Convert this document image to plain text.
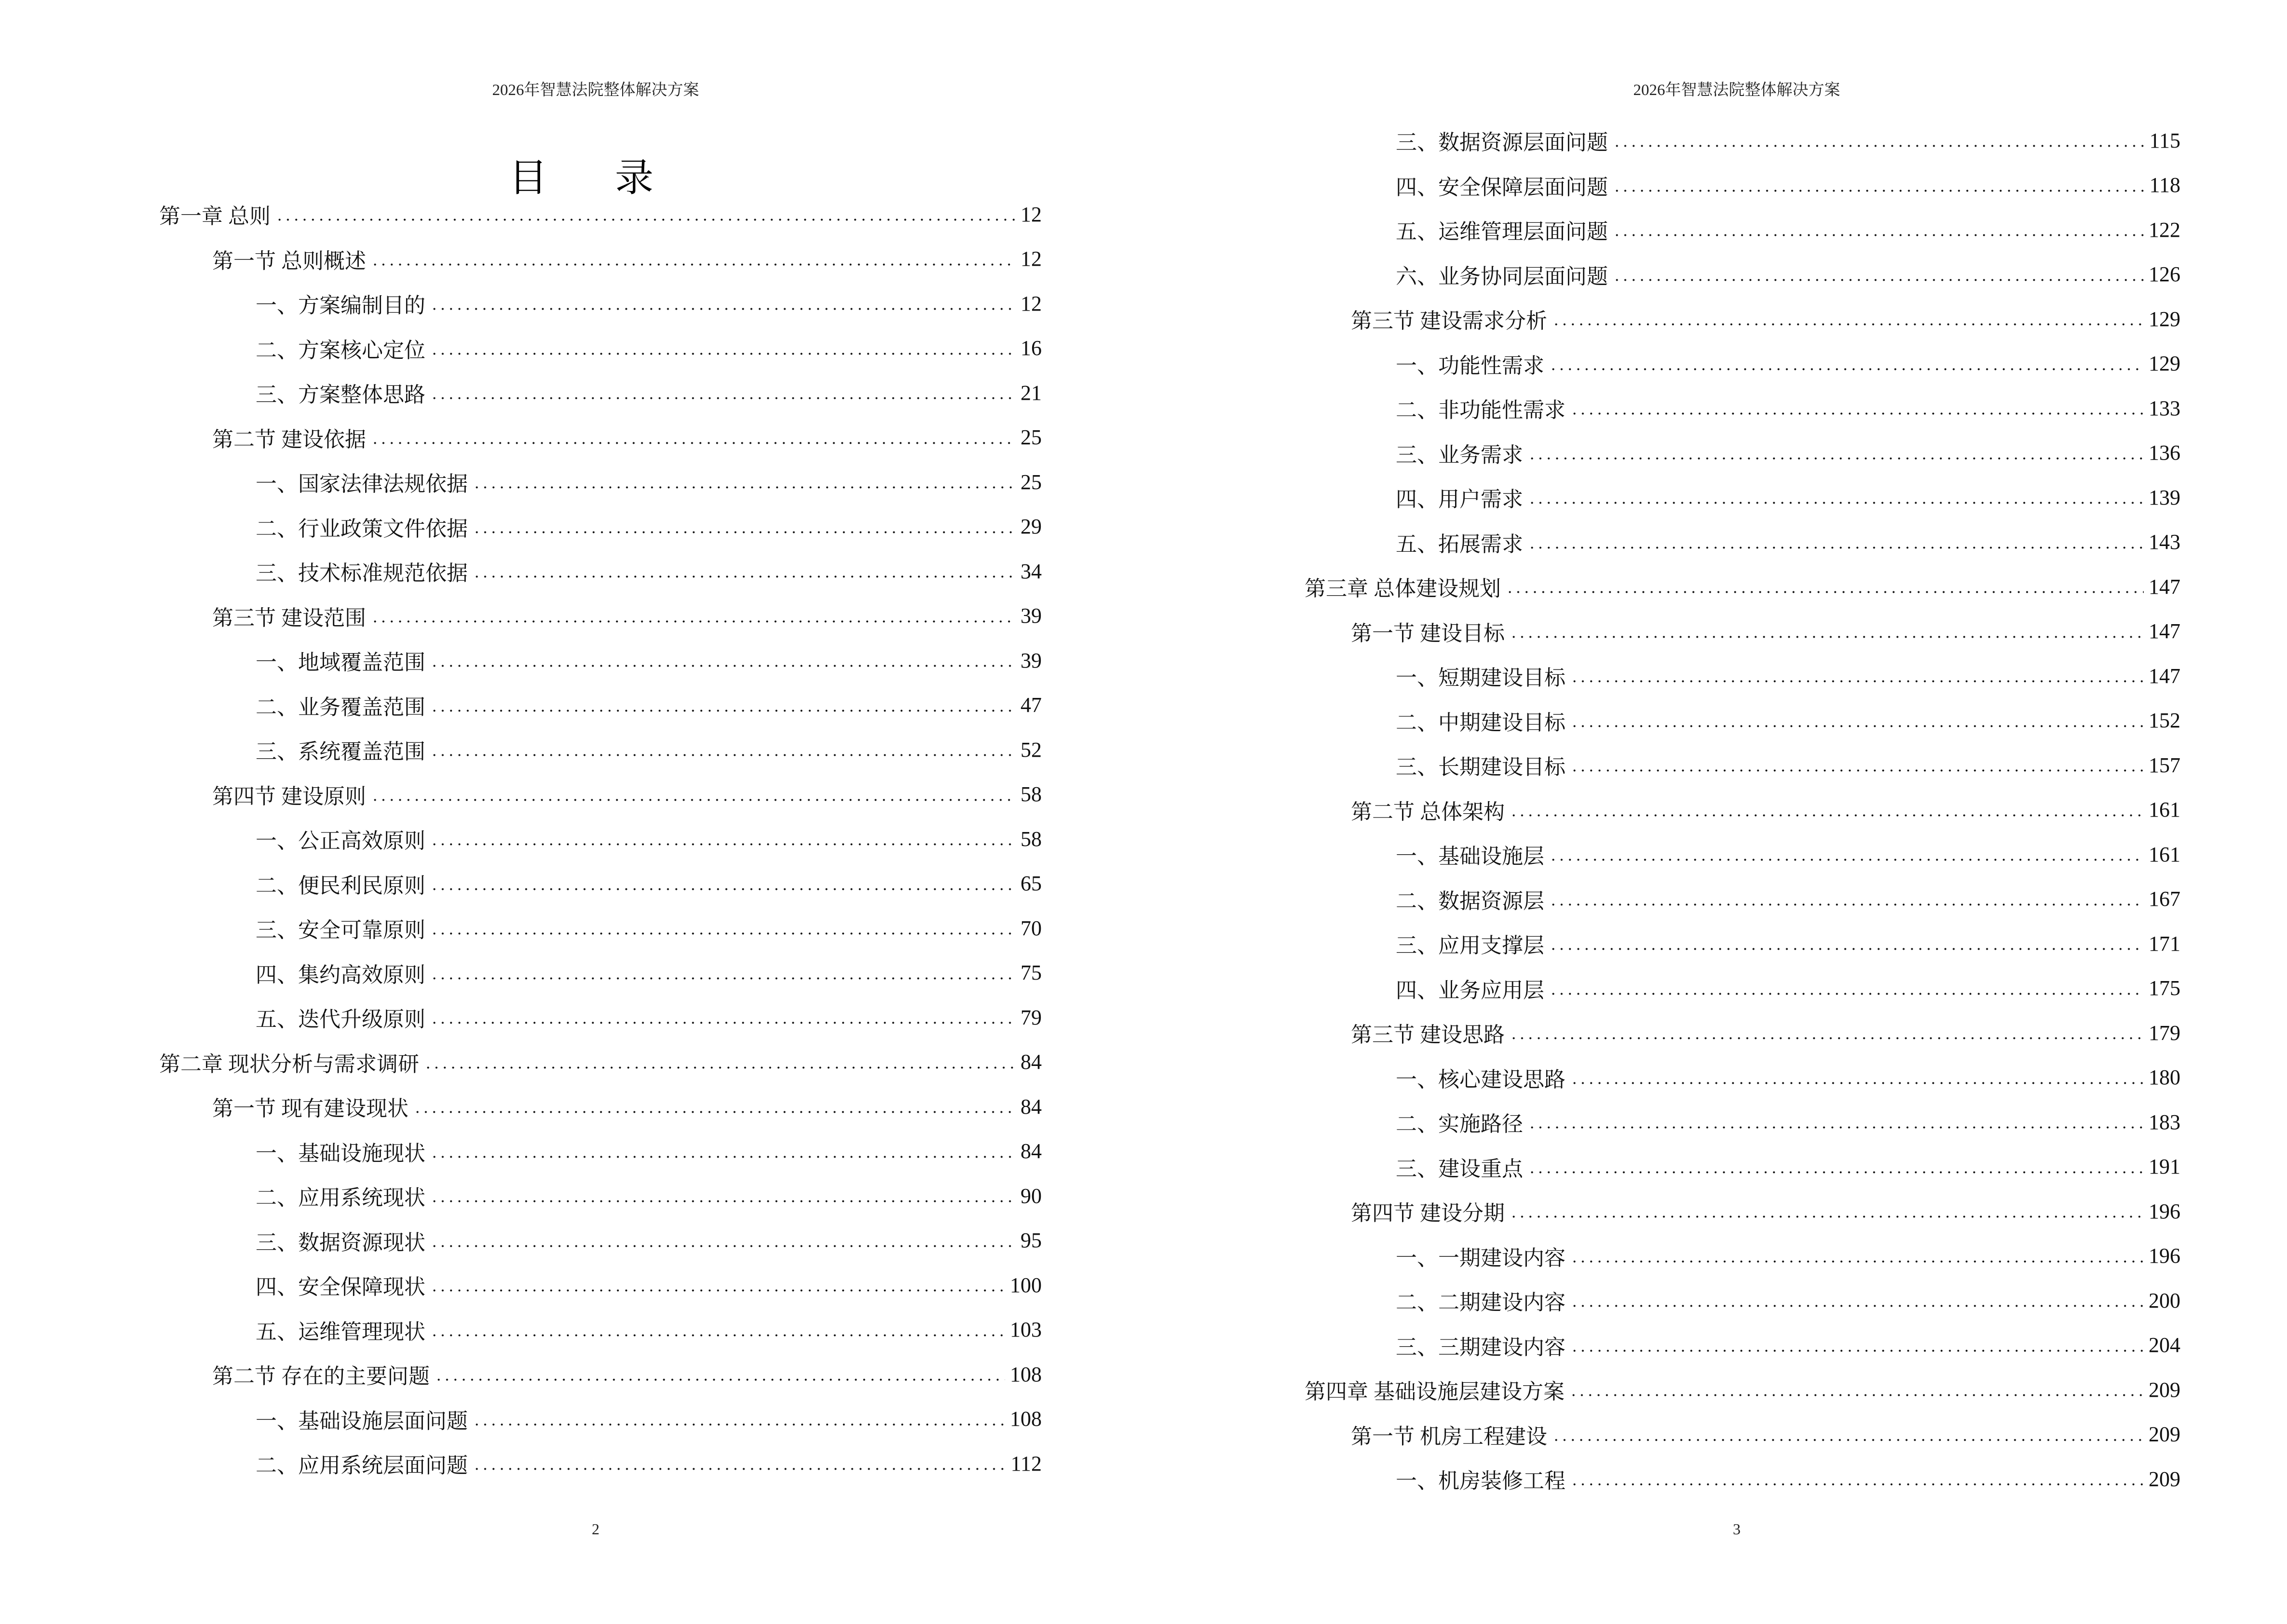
2026年智慧法院整体解决方案
目 录
第一章 总则	12
第一节 总则概述	12
一、方案编制目的	12
二、方案核心定位	16
三、方案整体思路	21
第二节 建设依据	25
一、国家法律法规依据	25
二、行业政策文件依据	29
三、技术标准规范依据	34
第三节 建设范围	39
一、地域覆盖范围	39
二、业务覆盖范围	47
三、系统覆盖范围	52
第四节 建设原则	58
一、公正高效原则	58
二、便民利民原则	65
三、安全可靠原则	70
四、集约高效原则	75
五、迭代升级原则	79
第二章 现状分析与需求调研	84
第一节 现有建设现状	84
一、基础设施现状	84
二、应用系统现状	90
三、数据资源现状	95
四、安全保障现状	100
五、运维管理现状	103
第二节 存在的主要问题	108
一、基础设施层面问题	108
二、应用系统层面问题	112
2
2026年智慧法院整体解决方案
三、数据资源层面问题	115
四、安全保障层面问题	118
五、运维管理层面问题	122
六、业务协同层面问题	126
第三节 建设需求分析	129
一、功能性需求	129
二、非功能性需求	133
三、业务需求	136
四、用户需求	139
五、拓展需求	143
第三章 总体建设规划	147
第一节 建设目标	147
一、短期建设目标	147
二、中期建设目标	152
三、长期建设目标	157
第二节 总体架构	161
一、基础设施层	161
二、数据资源层	167
三、应用支撑层	171
四、业务应用层	175
第三节 建设思路	179
一、核心建设思路	180
二、实施路径	183
三、建设重点	191
第四节 建设分期	196
一、一期建设内容	196
二、二期建设内容	200
三、三期建设内容	204
第四章 基础设施层建设方案	209
第一节 机房工程建设	209
一、机房装修工程	209
3
